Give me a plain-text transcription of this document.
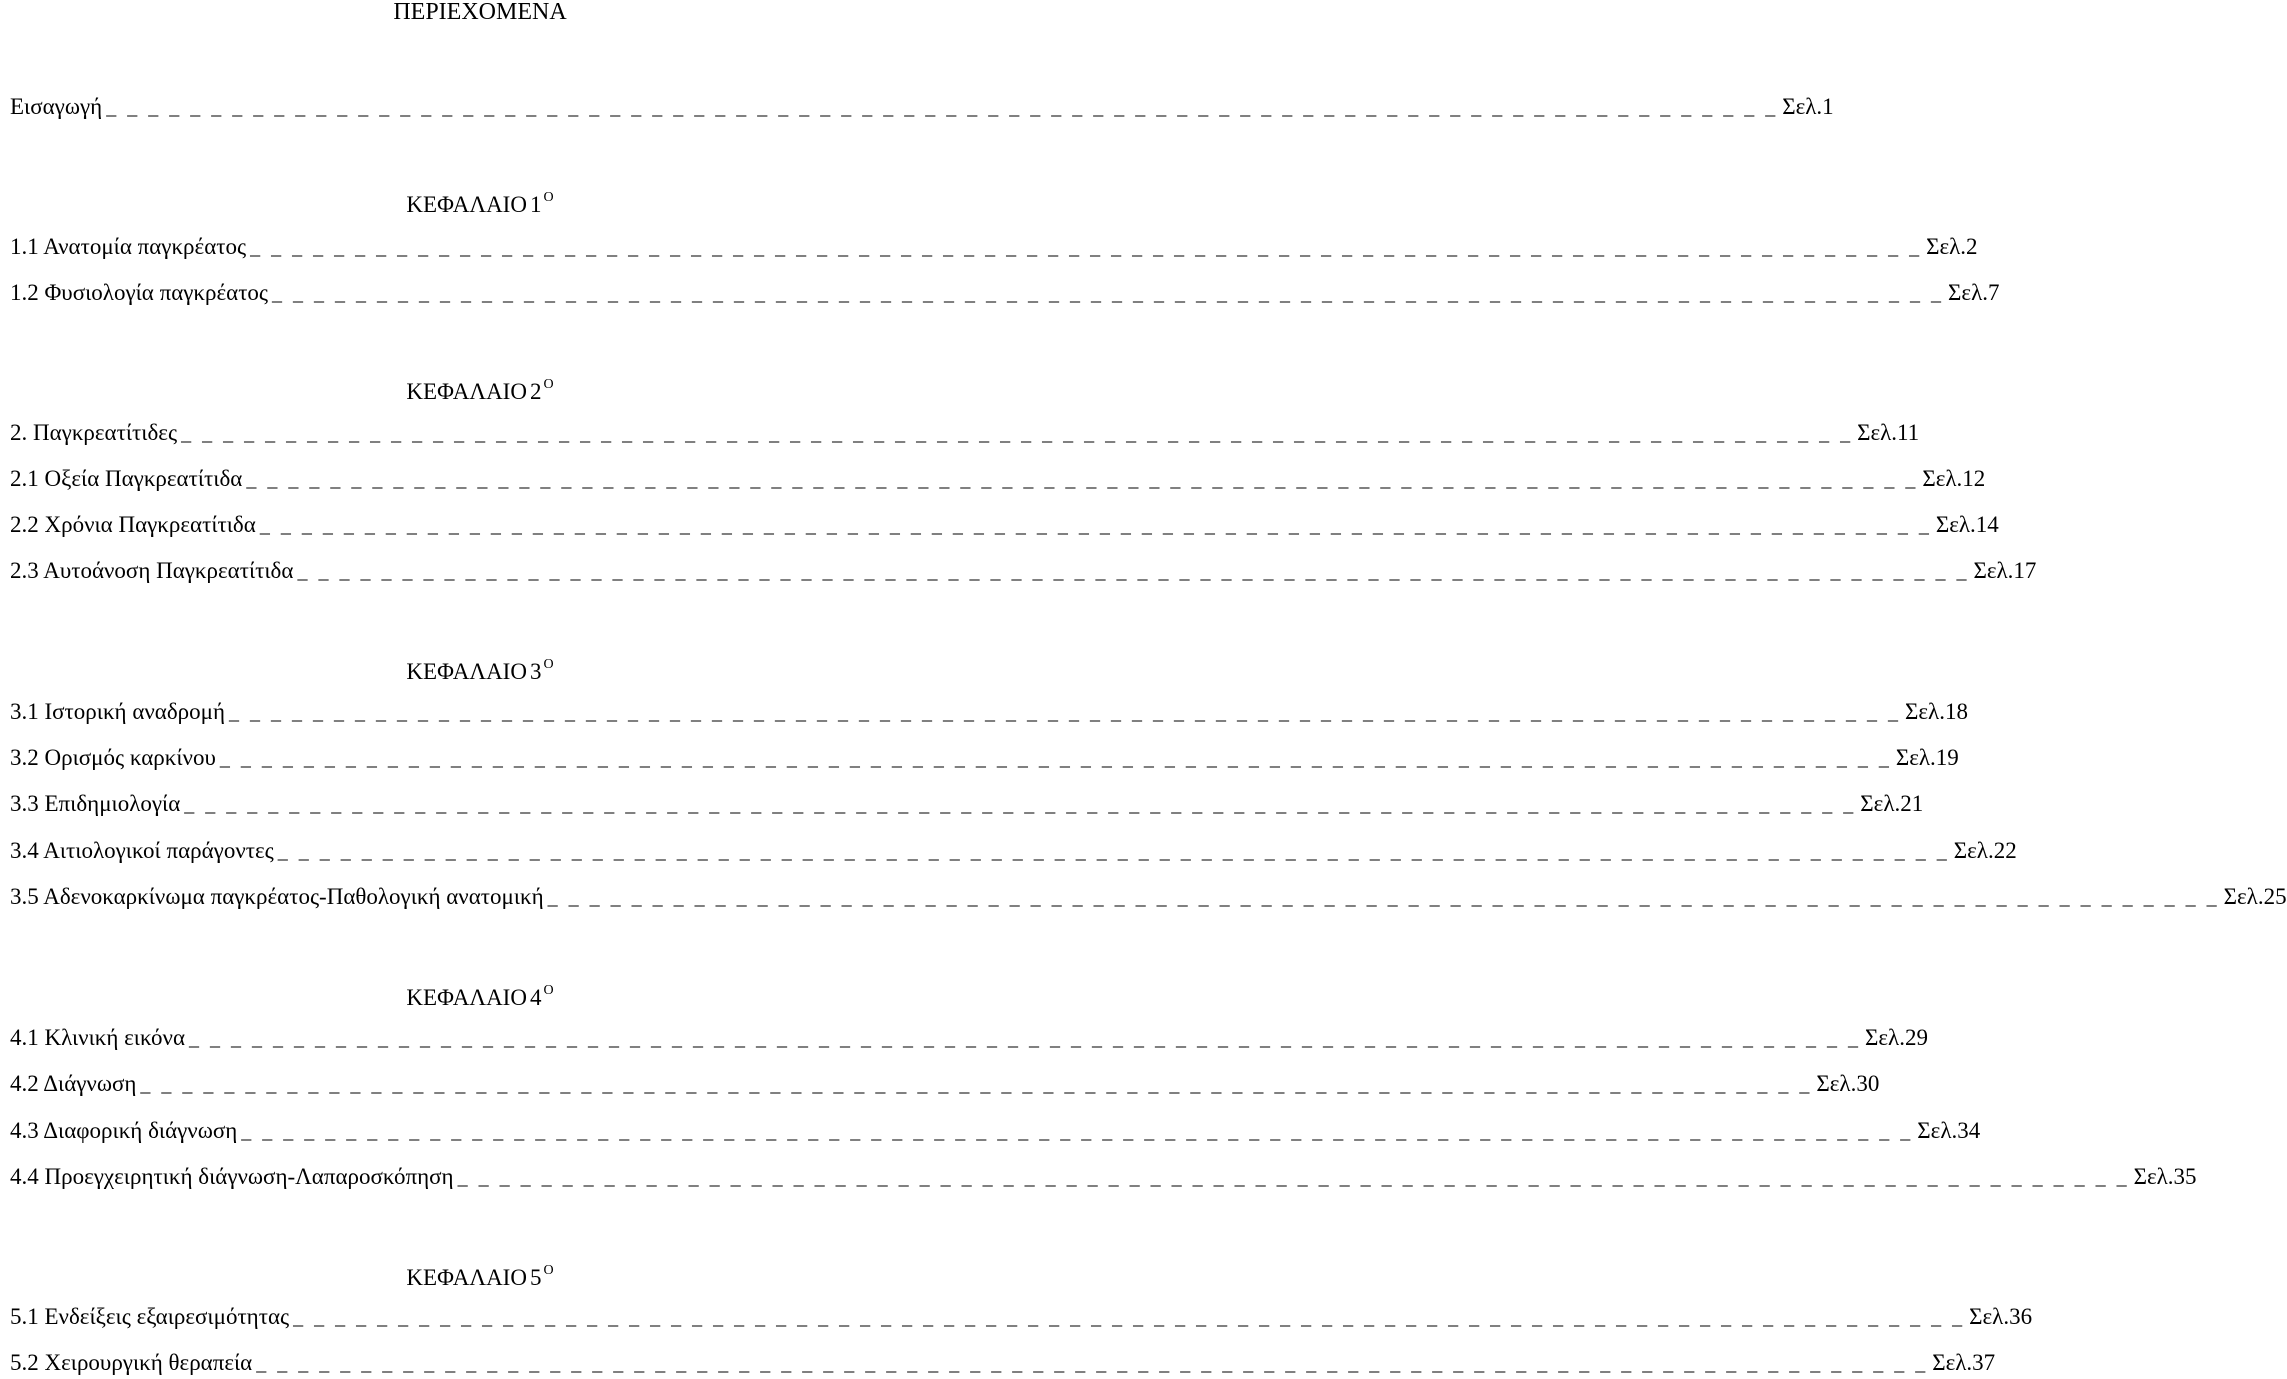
ΠΕΡΙΕΧΟΜΕΝΑ
Εισαγωγή _ _ _ _ _ _ _ _ _ _ _ _ _ _ _ _ _ _ _ _ _ _ _ _ _ _ _ _ _ _ _ _ _ _ _ _ _ _ _ _ _ _ _ _ _ _ _ _ _ _ _ _ _ _ _ _ _ _ _ _ _ _ _ _ _ _ _ _ _ _ _ _ _ _ _ _ _ _ _ _ Σελ.1
ΚΕΦΑΛΑΙΟ 1 $^O$
1.1 Ανατομία παγκρέατος _ _ _ _ _ _ _ _ _ _ _ _ _ _ _ _ _ _ _ _ _ _ _ _ _ _ _ _ _ _ _ _ _ _ _ _ _ _ _ _ _ _ _ _ _ _ _ _ _ _ _ _ _ _ _ _ _ _ _ _ _ _ _ _ _ _ _ _ _ _ _ _ _ _ _ _ _ _ _ _ Σελ.2
1.2 Φυσιολογία παγκρέατος _ _ _ _ _ _ _ _ _ _ _ _ _ _ _ _ _ _ _ _ _ _ _ _ _ _ _ _ _ _ _ _ _ _ _ _ _ _ _ _ _ _ _ _ _ _ _ _ _ _ _ _ _ _ _ _ _ _ _ _ _ _ _ _ _ _ _ _ _ _ _ _ _ _ _ _ _ _ _ _ Σελ.7
ΚΕΦΑΛΑΙΟ 2 $^O$
2. Παγκρεατίτιδες _ _ _ _ _ _ _ _ _ _ _ _ _ _ _ _ _ _ _ _ _ _ _ _ _ _ _ _ _ _ _ _ _ _ _ _ _ _ _ _ _ _ _ _ _ _ _ _ _ _ _ _ _ _ _ _ _ _ _ _ _ _ _ _ _ _ _ _ _ _ _ _ _ _ _ _ _ _ _ _ Σελ.11
2.1 Οξεία Παγκρεατίτιδα _ _ _ _ _ _ _ _ _ _ _ _ _ _ _ _ _ _ _ _ _ _ _ _ _ _ _ _ _ _ _ _ _ _ _ _ _ _ _ _ _ _ _ _ _ _ _ _ _ _ _ _ _ _ _ _ _ _ _ _ _ _ _ _ _ _ _ _ _ _ _ _ _ _ _ _ _ _ _ _ Σελ.12
2.2 Χρόνια Παγκρεατίτιδα _ _ _ _ _ _ _ _ _ _ _ _ _ _ _ _ _ _ _ _ _ _ _ _ _ _ _ _ _ _ _ _ _ _ _ _ _ _ _ _ _ _ _ _ _ _ _ _ _ _ _ _ _ _ _ _ _ _ _ _ _ _ _ _ _ _ _ _ _ _ _ _ _ _ _ _ _ _ _ _ Σελ.14
2.3 Αυτοάνοση Παγκρεατίτιδα _ _ _ _ _ _ _ _ _ _ _ _ _ _ _ _ _ _ _ _ _ _ _ _ _ _ _ _ _ _ _ _ _ _ _ _ _ _ _ _ _ _ _ _ _ _ _ _ _ _ _ _ _ _ _ _ _ _ _ _ _ _ _ _ _ _ _ _ _ _ _ _ _ _ _ _ _ _ _ _ Σελ.17
ΚΕΦΑΛΑΙΟ 3 $^O$
3.1 Ιστορική αναδρομή _ _ _ _ _ _ _ _ _ _ _ _ _ _ _ _ _ _ _ _ _ _ _ _ _ _ _ _ _ _ _ _ _ _ _ _ _ _ _ _ _ _ _ _ _ _ _ _ _ _ _ _ _ _ _ _ _ _ _ _ _ _ _ _ _ _ _ _ _ _ _ _ _ _ _ _ _ _ _ _ Σελ.18
3.2 Ορισμός καρκίνου _ _ _ _ _ _ _ _ _ _ _ _ _ _ _ _ _ _ _ _ _ _ _ _ _ _ _ _ _ _ _ _ _ _ _ _ _ _ _ _ _ _ _ _ _ _ _ _ _ _ _ _ _ _ _ _ _ _ _ _ _ _ _ _ _ _ _ _ _ _ _ _ _ _ _ _ _ _ _ _ Σελ.19
3.3 Επιδημιολογία _ _ _ _ _ _ _ _ _ _ _ _ _ _ _ _ _ _ _ _ _ _ _ _ _ _ _ _ _ _ _ _ _ _ _ _ _ _ _ _ _ _ _ _ _ _ _ _ _ _ _ _ _ _ _ _ _ _ _ _ _ _ _ _ _ _ _ _ _ _ _ _ _ _ _ _ _ _ _ _ Σελ.21
3.4 Αιτιολογικοί παράγοντες _ _ _ _ _ _ _ _ _ _ _ _ _ _ _ _ _ _ _ _ _ _ _ _ _ _ _ _ _ _ _ _ _ _ _ _ _ _ _ _ _ _ _ _ _ _ _ _ _ _ _ _ _ _ _ _ _ _ _ _ _ _ _ _ _ _ _ _ _ _ _ _ _ _ _ _ _ _ _ _ Σελ.22
3.5 Αδενοκαρκίνωμα παγκρέατος-Παθολογική ανατομική _ _ _ _ _ _ _ _ _ _ _ _ _ _ _ _ _ _ _ _ _ _ _ _ _ _ _ _ _ _ _ _ _ _ _ _ _ _ _ _ _ _ _ _ _ _ _ _ _ _ _ _ _ _ _ _ _ _ _ _ _ _ _ _ _ _ _ _ _ _ _ _ _ _ _ _ _ _ _ _ Σελ.25
ΚΕΦΑΛΑΙΟ 4 $^O$
4.1 Κλινική εικόνα _ _ _ _ _ _ _ _ _ _ _ _ _ _ _ _ _ _ _ _ _ _ _ _ _ _ _ _ _ _ _ _ _ _ _ _ _ _ _ _ _ _ _ _ _ _ _ _ _ _ _ _ _ _ _ _ _ _ _ _ _ _ _ _ _ _ _ _ _ _ _ _ _ _ _ _ _ _ _ _ Σελ.29
4.2 Διάγνωση _ _ _ _ _ _ _ _ _ _ _ _ _ _ _ _ _ _ _ _ _ _ _ _ _ _ _ _ _ _ _ _ _ _ _ _ _ _ _ _ _ _ _ _ _ _ _ _ _ _ _ _ _ _ _ _ _ _ _ _ _ _ _ _ _ _ _ _ _ _ _ _ _ _ _ _ _ _ _ _ Σελ.30
4.3 Διαφορική διάγνωση _ _ _ _ _ _ _ _ _ _ _ _ _ _ _ _ _ _ _ _ _ _ _ _ _ _ _ _ _ _ _ _ _ _ _ _ _ _ _ _ _ _ _ _ _ _ _ _ _ _ _ _ _ _ _ _ _ _ _ _ _ _ _ _ _ _ _ _ _ _ _ _ _ _ _ _ _ _ _ _ Σελ.34
4.4 Προεγχειρητική διάγνωση-Λαπαροσκόπηση _ _ _ _ _ _ _ _ _ _ _ _ _ _ _ _ _ _ _ _ _ _ _ _ _ _ _ _ _ _ _ _ _ _ _ _ _ _ _ _ _ _ _ _ _ _ _ _ _ _ _ _ _ _ _ _ _ _ _ _ _ _ _ _ _ _ _ _ _ _ _ _ _ _ _ _ _ _ _ _ Σελ.35
ΚΕΦΑΛΑΙΟ 5 $^O$
5.1 Ενδείξεις εξαιρεσιμότητας _ _ _ _ _ _ _ _ _ _ _ _ _ _ _ _ _ _ _ _ _ _ _ _ _ _ _ _ _ _ _ _ _ _ _ _ _ _ _ _ _ _ _ _ _ _ _ _ _ _ _ _ _ _ _ _ _ _ _ _ _ _ _ _ _ _ _ _ _ _ _ _ _ _ _ _ _ _ _ _ Σελ.36
5.2 Χειρουργική θεραπεία _ _ _ _ _ _ _ _ _ _ _ _ _ _ _ _ _ _ _ _ _ _ _ _ _ _ _ _ _ _ _ _ _ _ _ _ _ _ _ _ _ _ _ _ _ _ _ _ _ _ _ _ _ _ _ _ _ _ _ _ _ _ _ _ _ _ _ _ _ _ _ _ _ _ _ _ _ _ _ _ Σελ.37
